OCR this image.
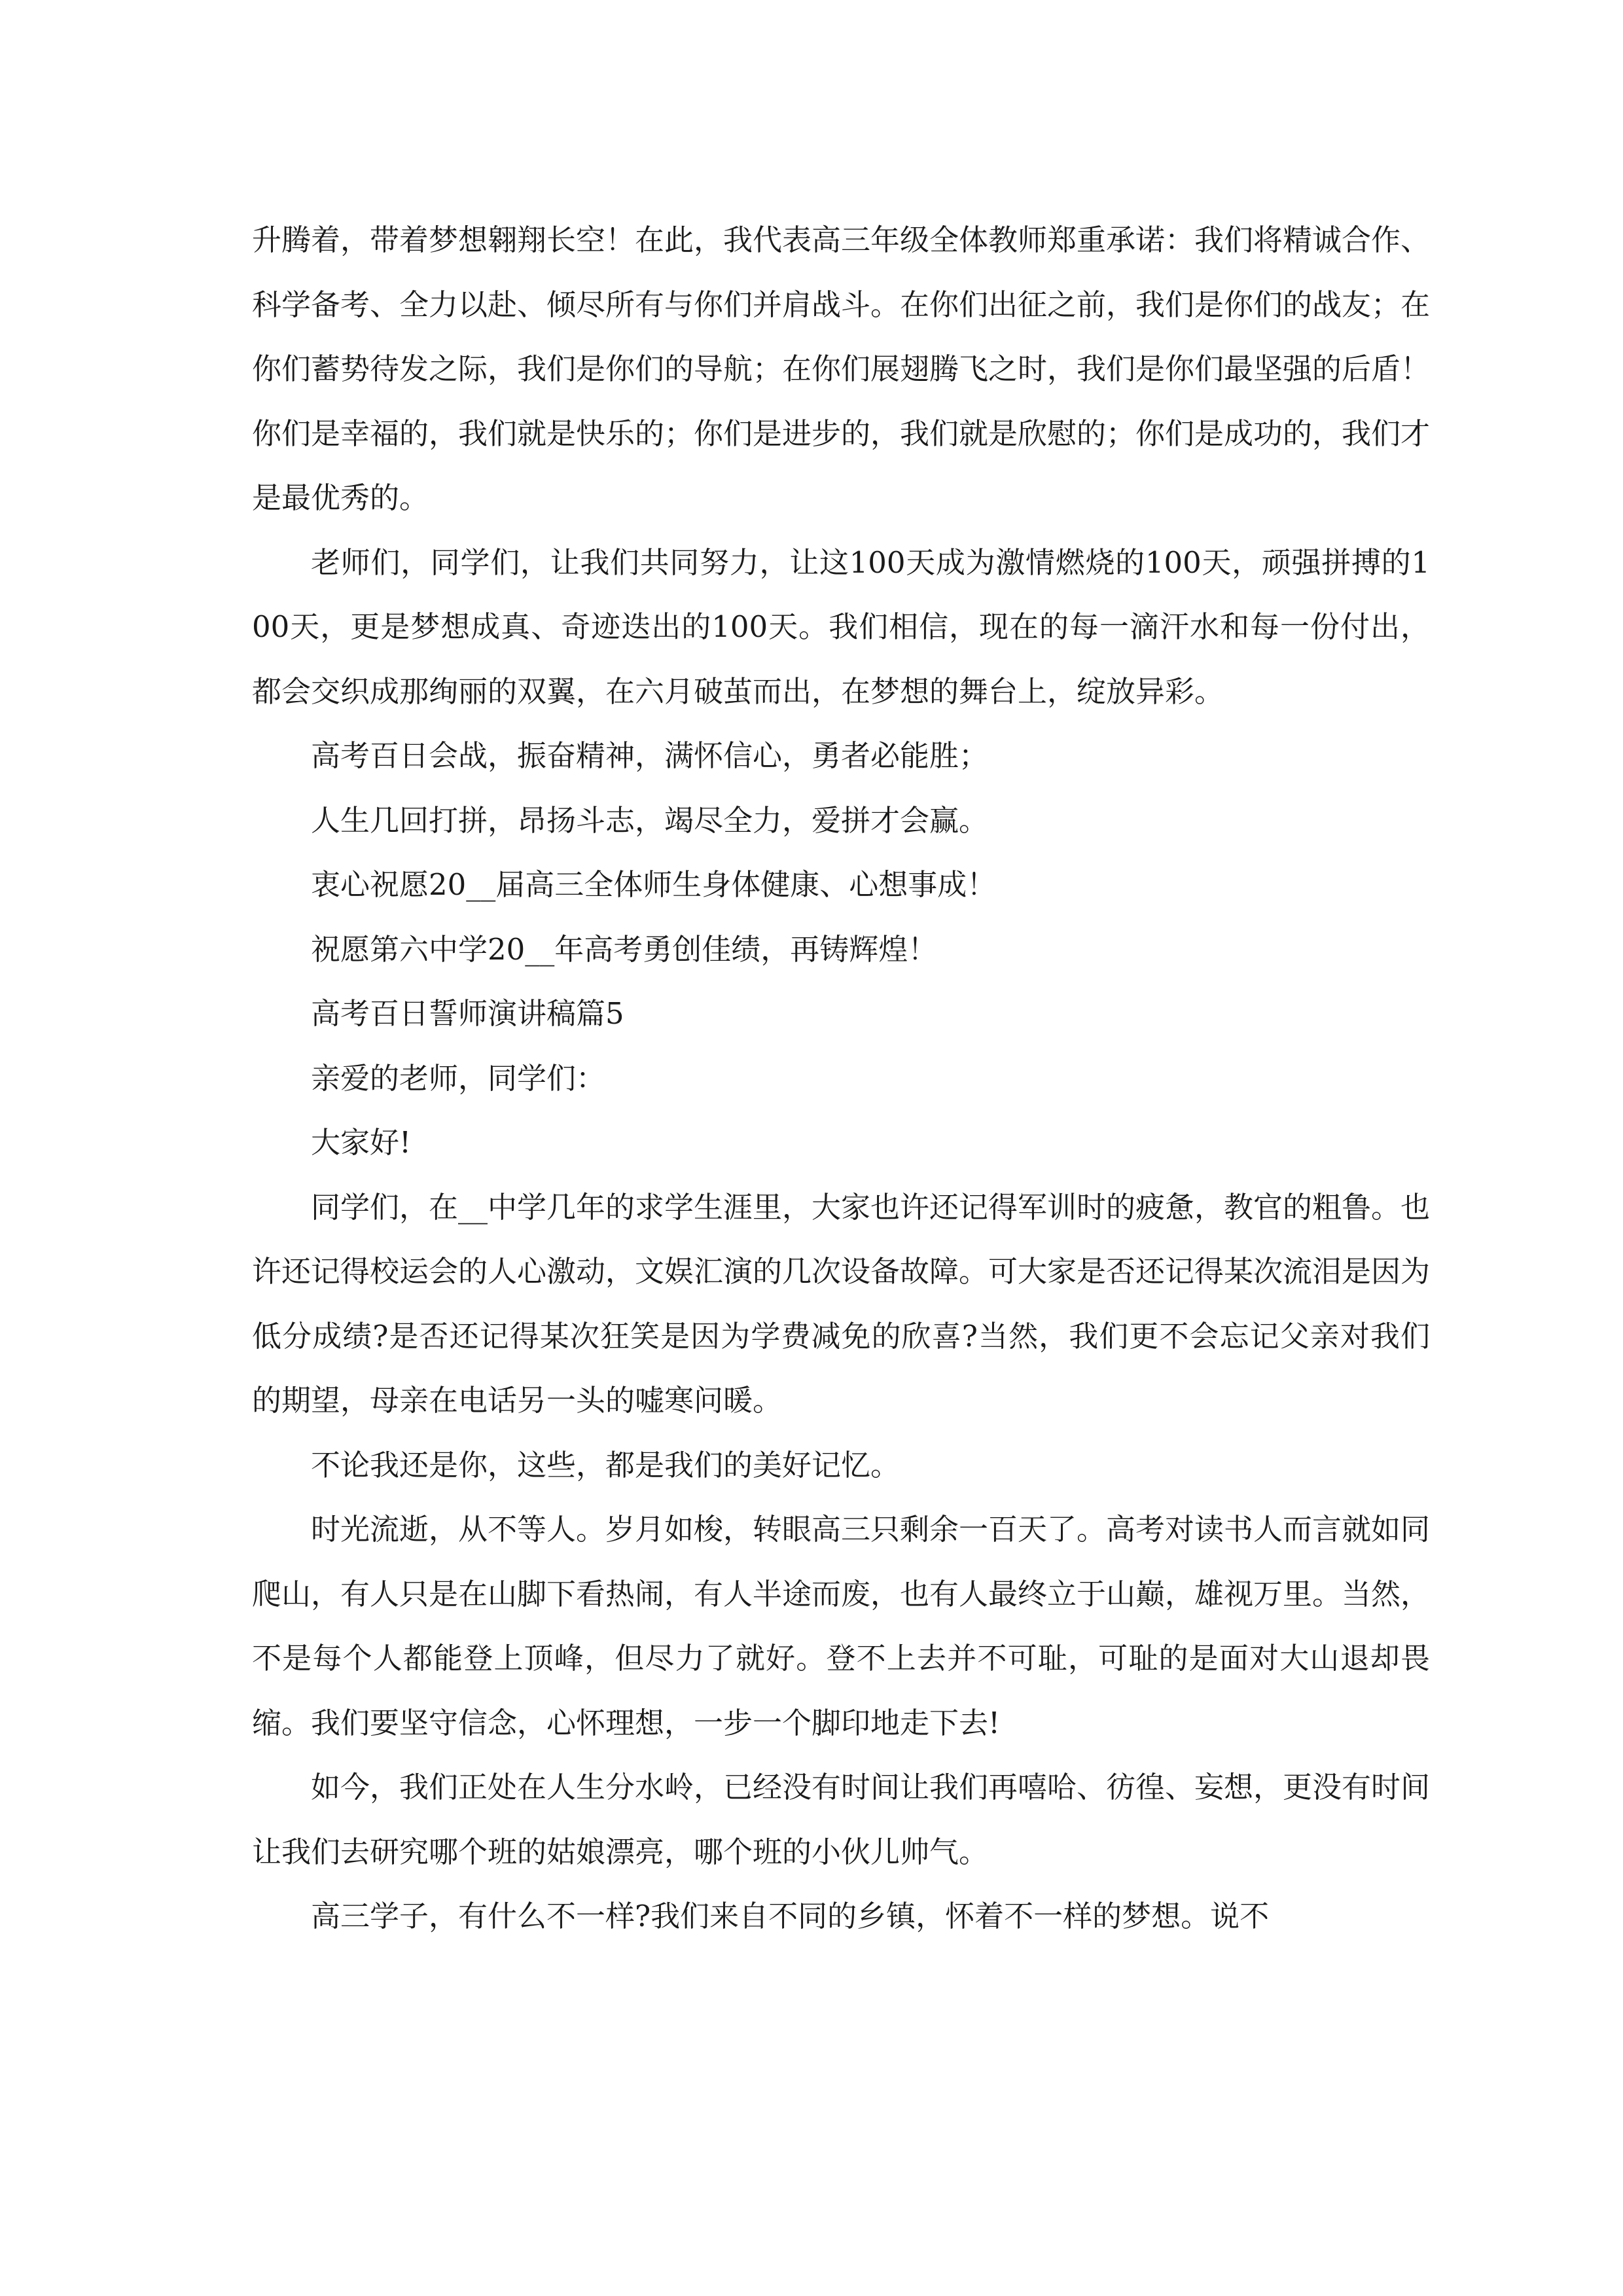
升腾着，带着梦想翱翔长空！在此，我代表高三年级全体教师郑重承诺：我们将精诚合作、科学备考、全力以赴、倾尽所有与你们并肩战斗。在你们出征之前，我们是你们的战友；在你们蓄势待发之际，我们是你们的导航；在你们展翅腾飞之时，我们是你们最坚强的后盾！你们是幸福的，我们就是快乐的；你们是进步的，我们就是欣慰的；你们是成功的，我们才是最优秀的。

老师们，同学们，让我们共同努力，让这100天成为激情燃烧的100天，顽强拼搏的100天，更是梦想成真、奇迹迭出的100天。我们相信，现在的每一滴汗水和每一份付出，都会交织成那绚丽的双翼，在六月破茧而出，在梦想的舞台上，绽放异彩。

高考百日会战，振奋精神，满怀信心，勇者必能胜；

人生几回打拼，昂扬斗志，竭尽全力，爱拼才会赢。

衷心祝愿20__届高三全体师生身体健康、心想事成！

祝愿第六中学20__年高考勇创佳绩，再铸辉煌！

高考百日誓师演讲稿篇5

亲爱的老师，同学们：

大家好!

同学们，在__中学几年的求学生涯里，大家也许还记得军训时的疲惫，教官的粗鲁。也许还记得校运会的人心激动，文娱汇演的几次设备故障。可大家是否还记得某次流泪是因为低分成绩?是否还记得某次狂笑是因为学费减免的欣喜?当然，我们更不会忘记父亲对我们的期望，母亲在电话另一头的嘘寒问暖。

不论我还是你，这些，都是我们的美好记忆。

时光流逝，从不等人。岁月如梭，转眼高三只剩余一百天了。高考对读书人而言就如同爬山，有人只是在山脚下看热闹，有人半途而废，也有人最终立于山巅，雄视万里。当然，不是每个人都能登上顶峰，但尽力了就好。登不上去并不可耻，可耻的是面对大山退却畏缩。我们要坚守信念，心怀理想，一步一个脚印地走下去!

如今，我们正处在人生分水岭，已经没有时间让我们再嘻哈、彷徨、妄想，更没有时间让我们去研究哪个班的姑娘漂亮，哪个班的小伙儿帅气。

高三学子，有什么不一样?我们来自不同的乡镇，怀着不一样的梦想。说不
